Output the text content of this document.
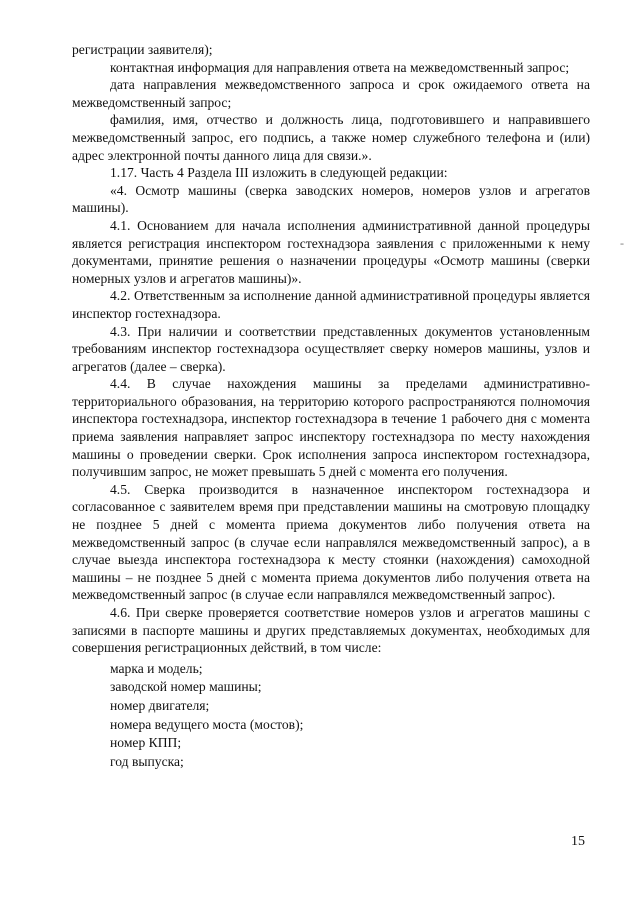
регистрации заявителя);

контактная информация для направления ответа на межведомственный запрос;

дата направления межведомственного запроса и срок ожидаемого ответа на межведомственный запрос;

фамилия, имя, отчество и должность лица, подготовившего и направившего межведомственный запрос, его подпись, а также номер служебного телефона и (или) адрес электронной почты данного лица для связи.».

1.17. Часть 4 Раздела III изложить в следующей редакции:

«4. Осмотр машины (сверка заводских номеров, номеров узлов и агрегатов машины).

4.1. Основанием для начала исполнения административной данной процедуры является регистрация инспектором гостехнадзора заявления с приложенными к нему документами, принятие решения о назначении процедуры «Осмотр машины (сверки номерных узлов и агрегатов машины)».

4.2. Ответственным за исполнение данной административной процедуры является инспектор гостехнадзора.

4.3. При наличии и соответствии представленных документов установленным требованиям инспектор гостехнадзора осуществляет сверку номеров машины, узлов и агрегатов (далее – сверка).

4.4. В случае нахождения машины за пределами административно-территориального образования, на территорию которого распространяются полномочия инспектора гостехнадзора, инспектор гостехнадзора в течение 1 рабочего дня с момента приема заявления направляет запрос инспектору гостехнадзора по месту нахождения машины о проведении сверки. Срок исполнения запроса инспектором гостехнадзора, получившим запрос, не может превышать 5 дней с момента его получения.

4.5. Сверка производится в назначенное инспектором гостехнадзора и согласованное с заявителем время при представлении машины на смотровую площадку не позднее 5 дней с момента приема документов либо получения ответа на межведомственный запрос (в случае если направлялся межведомственный запрос), а в случае выезда инспектора гостехнадзора к месту стоянки (нахождения) самоходной машины – не позднее 5 дней с момента приема документов либо получения ответа на межведомственный запрос (в случае если направлялся межведомственный запрос).

4.6. При сверке проверяется соответствие номеров узлов и агрегатов машины с записями в паспорте машины и других представляемых документах, необходимых для совершения регистрационных действий, в том числе:

марка и модель;

заводской номер машины;

номер двигателя;

номера ведущего моста (мостов);

номер КПП;

год выпуска;

-
15
